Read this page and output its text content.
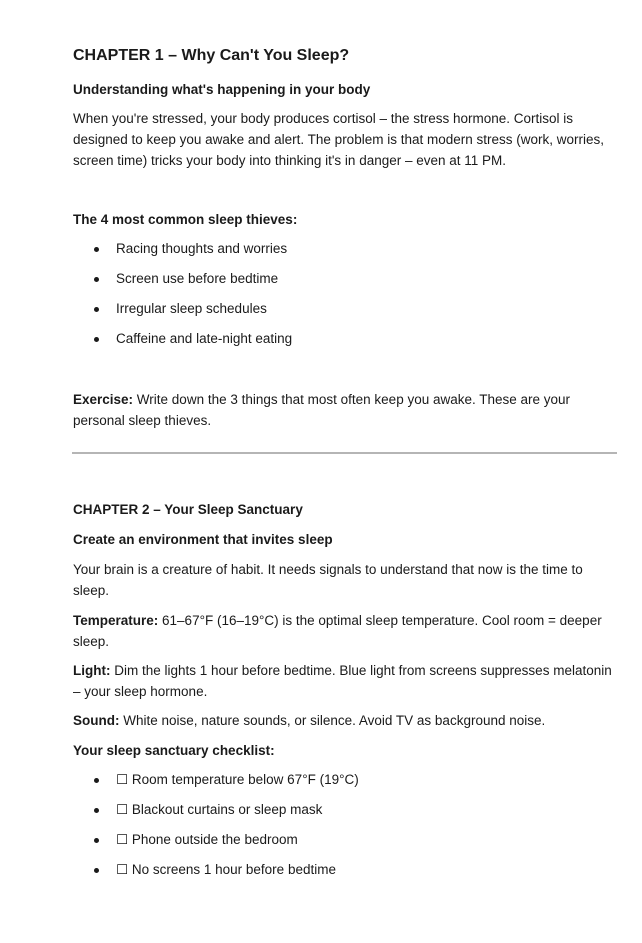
CHAPTER 1 – Why Can't You Sleep?

Understanding what's happening in your body

When you're stressed, your body produces cortisol – the stress hormone. Cortisol is designed to keep you awake and alert. The problem is that modern stress (work, worries, screen time) tricks your body into thinking it's in danger – even at 11 PM.

The 4 most common sleep thieves:

Racing thoughts and worries
Screen use before bedtime
Irregular sleep schedules
Caffeine and late-night eating

Exercise: Write down the 3 things that most often keep you awake. These are your personal sleep thieves.

CHAPTER 2 – Your Sleep Sanctuary

Create an environment that invites sleep

Your brain is a creature of habit. It needs signals to understand that now is the time to sleep.

Temperature: 61–67°F (16–19°C) is the optimal sleep temperature. Cool room = deeper sleep.

Light: Dim the lights 1 hour before bedtime. Blue light from screens suppresses melatonin – your sleep hormone.

Sound: White noise, nature sounds, or silence. Avoid TV as background noise.

Your sleep sanctuary checklist:

☐ Room temperature below 67°F (19°C)
☐ Blackout curtains or sleep mask
☐ Phone outside the bedroom
☐ No screens 1 hour before bedtime
